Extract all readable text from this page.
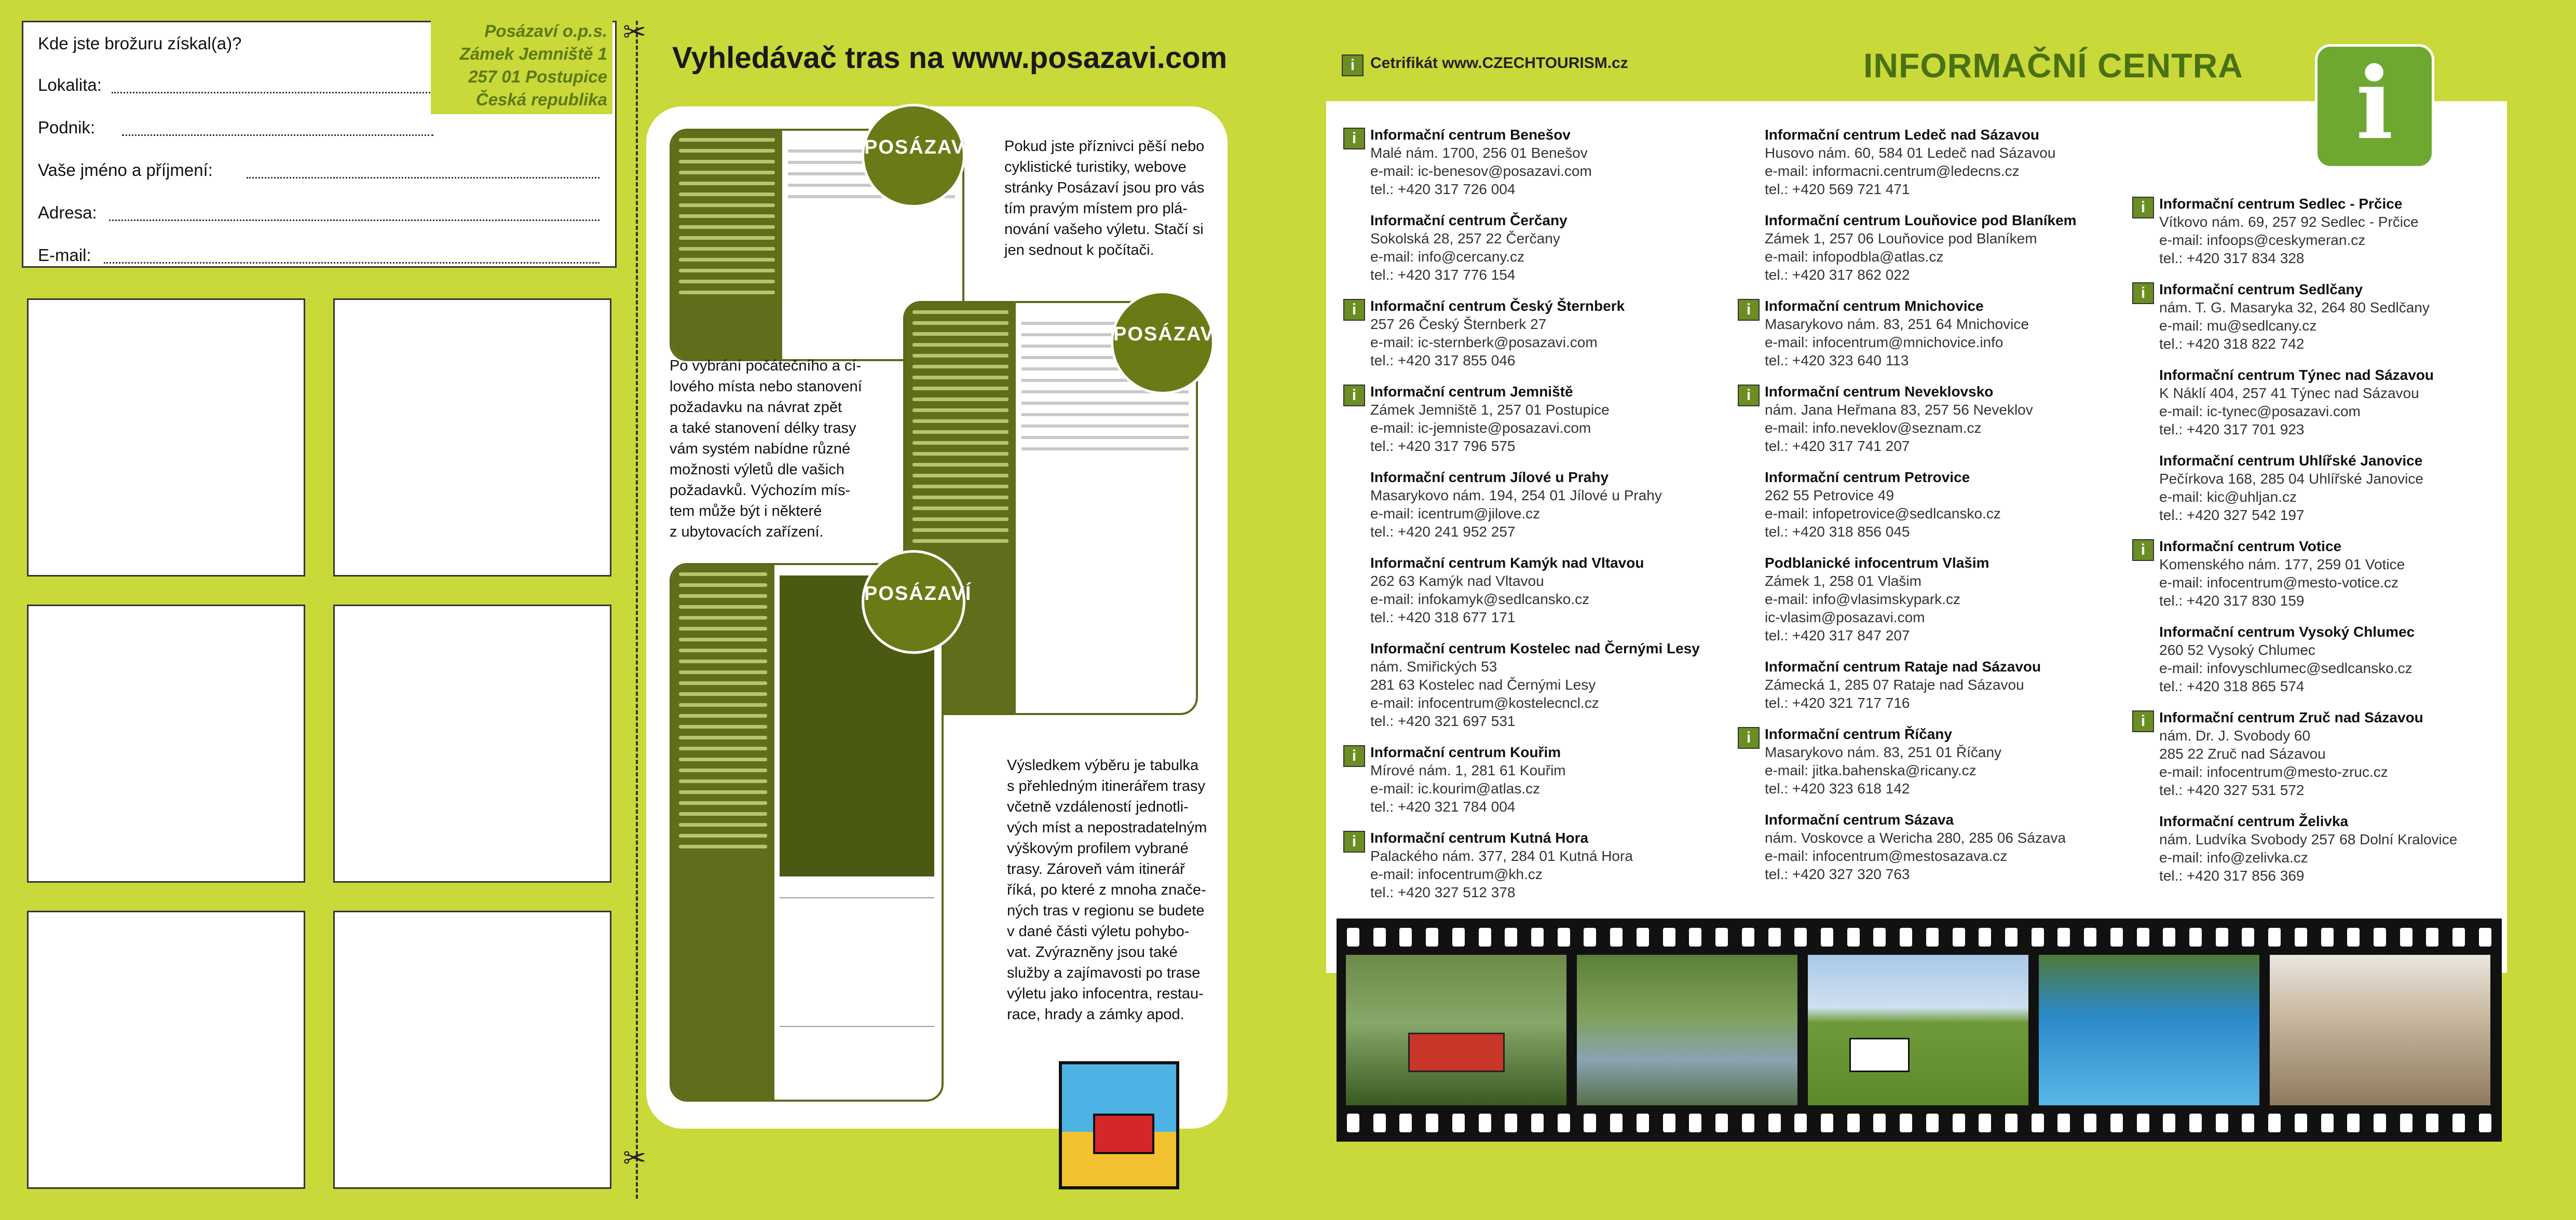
Kde jste brožuru získal(a)?
Lokalita:
Podnik:
Vaše jméno a příjmení:
Adresa:
E-mail:
Posázaví o.p.s.
Zámek Jemniště 1
257 01 Postupice
Česká republika
✂
✂
Vyhledávač tras na www.posazavi.com
POSÁZAVÍ
POSÁZAVÍ
POSÁZAVÍ
Pokud jste příznivci pěší nebo
cyklistické turistiky, webove
stránky Posázaví jsou pro vás
tím pravým místem pro plá-
nování vašeho výletu. Stačí si
jen sednout k počítači.
Po vybrání počátečního a cí-
lového místa nebo stanovení
požadavku na návrat zpět
a také stanovení délky trasy
vám systém nabídne různé
možnosti výletů dle vašich
požadavků. Výchozím mís-
tem může být i některé
z ubytovacích zařízení.
Výsledkem výběru je tabulka
s přehledným itinerářem trasy
včetně vzdáleností jednotli-
vých míst a nepostradatelným
výškovým profilem vybrané
trasy. Zároveň vám itinerář
říká, po které z mnoha znače-
ných tras v regionu se budete
v dané části výletu pohybo-
vat. Zvýrazněny jsou také
služby a zajímavosti po trase
výletu jako infocentra, restau-
race, hrady a zámky apod.
i Cetrifikát www.CZECHTOURISM.cz	INFORMAČNÍ CENTRA	i
i Informační centrum Benešov
Malé nám. 1700, 256 01 Benešov
e-mail: ic-benesov@posazavi.com
tel.: +420 317 726 004
Informační centrum Čerčany
Sokolská 28, 257 22 Čerčany
e-mail: info@cercany.cz
tel.: +420 317 776 154
i Informační centrum Český Šternberk
257 26 Český Šternberk 27
e-mail: ic-sternberk@posazavi.com
tel.: +420 317 855 046
i Informační centrum Jemniště
Zámek Jemniště 1, 257 01 Postupice
e-mail: ic-jemniste@posazavi.com
tel.: +420 317 796 575
Informační centrum Jílové u Prahy
Masarykovo nám. 194, 254 01 Jílové u Prahy
e-mail: icentrum@jilove.cz
tel.: +420 241 952 257
Informační centrum Kamýk nad Vltavou
262 63 Kamýk nad Vltavou
e-mail: infokamyk@sedlcansko.cz
tel.: +420 318 677 171
Informační centrum Kostelec nad Černými Lesy
nám. Smiřických 53
281 63 Kostelec nad Černými Lesy
e-mail: infocentrum@kostelecncl.cz
tel.: +420 321 697 531
i Informační centrum Kouřim
Mírové nám. 1, 281 61 Kouřim
e-mail: ic.kourim@atlas.cz
tel.: +420 321 784 004
i Informační centrum Kutná Hora
Palackého nám. 377, 284 01 Kutná Hora
e-mail: infocentrum@kh.cz
tel.: +420 327 512 378
Informační centrum Ledeč nad Sázavou
Husovo nám. 60, 584 01 Ledeč nad Sázavou
e-mail: informacni.centrum@ledecns.cz
tel.: +420 569 721 471
Informační centrum Louňovice pod Blaníkem
Zámek 1, 257 06 Louňovice pod Blaníkem
e-mail: infopodbla@atlas.cz
tel.: +420 317 862 022
i Informační centrum Mnichovice
Masarykovo nám. 83, 251 64 Mnichovice
e-mail: infocentrum@mnichovice.info
tel.: +420 323 640 113
i Informační centrum Neveklovsko
nám. Jana Heřmana 83, 257 56 Neveklov
e-mail: info.neveklov@seznam.cz
tel.: +420 317 741 207
Informační centrum Petrovice
262 55 Petrovice 49
e-mail: infopetrovice@sedlcansko.cz
tel.: +420 318 856 045
Podblanické infocentrum Vlašim
Zámek 1, 258 01 Vlašim
e-mail: info@vlasimskypark.cz
ic-vlasim@posazavi.com
tel.: +420 317 847 207
Informační centrum Rataje nad Sázavou
Zámecká 1, 285 07 Rataje nad Sázavou
tel.: +420 321 717 716
i Informační centrum Říčany
Masarykovo nám. 83, 251 01 Říčany
e-mail: jitka.bahenska@ricany.cz
tel.: +420 323 618 142
Informační centrum Sázava
nám. Voskovce a Wericha 280, 285 06 Sázava
e-mail: infocentrum@mestosazava.cz
tel.: +420 327 320 763
i Informační centrum Sedlec - Prčice
Vítkovo nám. 69, 257 92 Sedlec - Prčice
e-mail: infoops@ceskymeran.cz
tel.: +420 317 834 328
i Informační centrum Sedlčany
nám. T. G. Masaryka 32, 264 80 Sedlčany
e-mail: mu@sedlcany.cz
tel.: +420 318 822 742
Informační centrum Týnec nad Sázavou
K Náklí 404, 257 41 Týnec nad Sázavou
e-mail: ic-tynec@posazavi.com
tel.: +420 317 701 923
Informační centrum Uhlířské Janovice
Pečírkova 168, 285 04 Uhlířské Janovice
e-mail: kic@uhljan.cz
tel.: +420 327 542 197
i Informační centrum Votice
Komenského nám. 177, 259 01 Votice
e-mail: infocentrum@mesto-votice.cz
tel.: +420 317 830 159
Informační centrum Vysoký Chlumec
260 52 Vysoký Chlumec
e-mail: infovyschlumec@sedlcansko.cz
tel.: +420 318 865 574
i Informační centrum Zruč nad Sázavou
nám. Dr. J. Svobody 60
285 22 Zruč nad Sázavou
e-mail: infocentrum@mesto-zruc.cz
tel.: +420 327 531 572
Informační centrum Želivka
nám. Ludvíka Svobody 257 68 Dolní Kralovice
e-mail: info@zelivka.cz
tel.: +420 317 856 369
